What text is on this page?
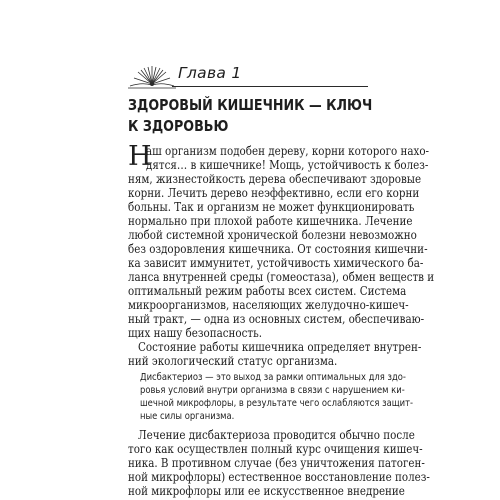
Глава 1
ЗДОРОВЫЙ КИШЕЧНИК — КЛЮЧ
К ЗДОРОВЬЮ
Н
аш организм подобен дереву, корни которого нахо-
дятся… в кишечнике! Мощь, устойчивость к болез-
ням, жизнестойкость дерева обеспечивают здоровые
корни. Лечить дерево неэффективно, если его корни
больны. Так и организм не может функционировать
нормально при плохой работе кишечника. Лечение
любой системной хронической болезни невозможно
без оздоровления кишечника. От состояния кишечни-
ка зависит иммунитет, устойчивость химического ба-
ланса внутренней среды (гомеостаза), обмен веществ и
оптимальный режим работы всех систем. Система
микроорганизмов, населяющих желудочно-кишеч-
ный тракт, — одна из основных систем, обеспечиваю-
щих нашу безопасность.
Состояние работы кишечника определяет внутрен-
ний экологический статус организма.
Дисбактериоз — это выход за рамки оптимальных для здо-
ровья условий внутри организма в связи с нарушением ки-
шечной микрофлоры, в результате чего ослабляются защит-
ные силы организма.
Лечение дисбактериоза проводится обычно после
того как осуществлен полный курс очищения кишеч-
ника. В противном случае (без уничтожения патоген-
ной микрофлоры) естественное восстановление полез-
ной микрофлоры или ее искусственное внедрение
